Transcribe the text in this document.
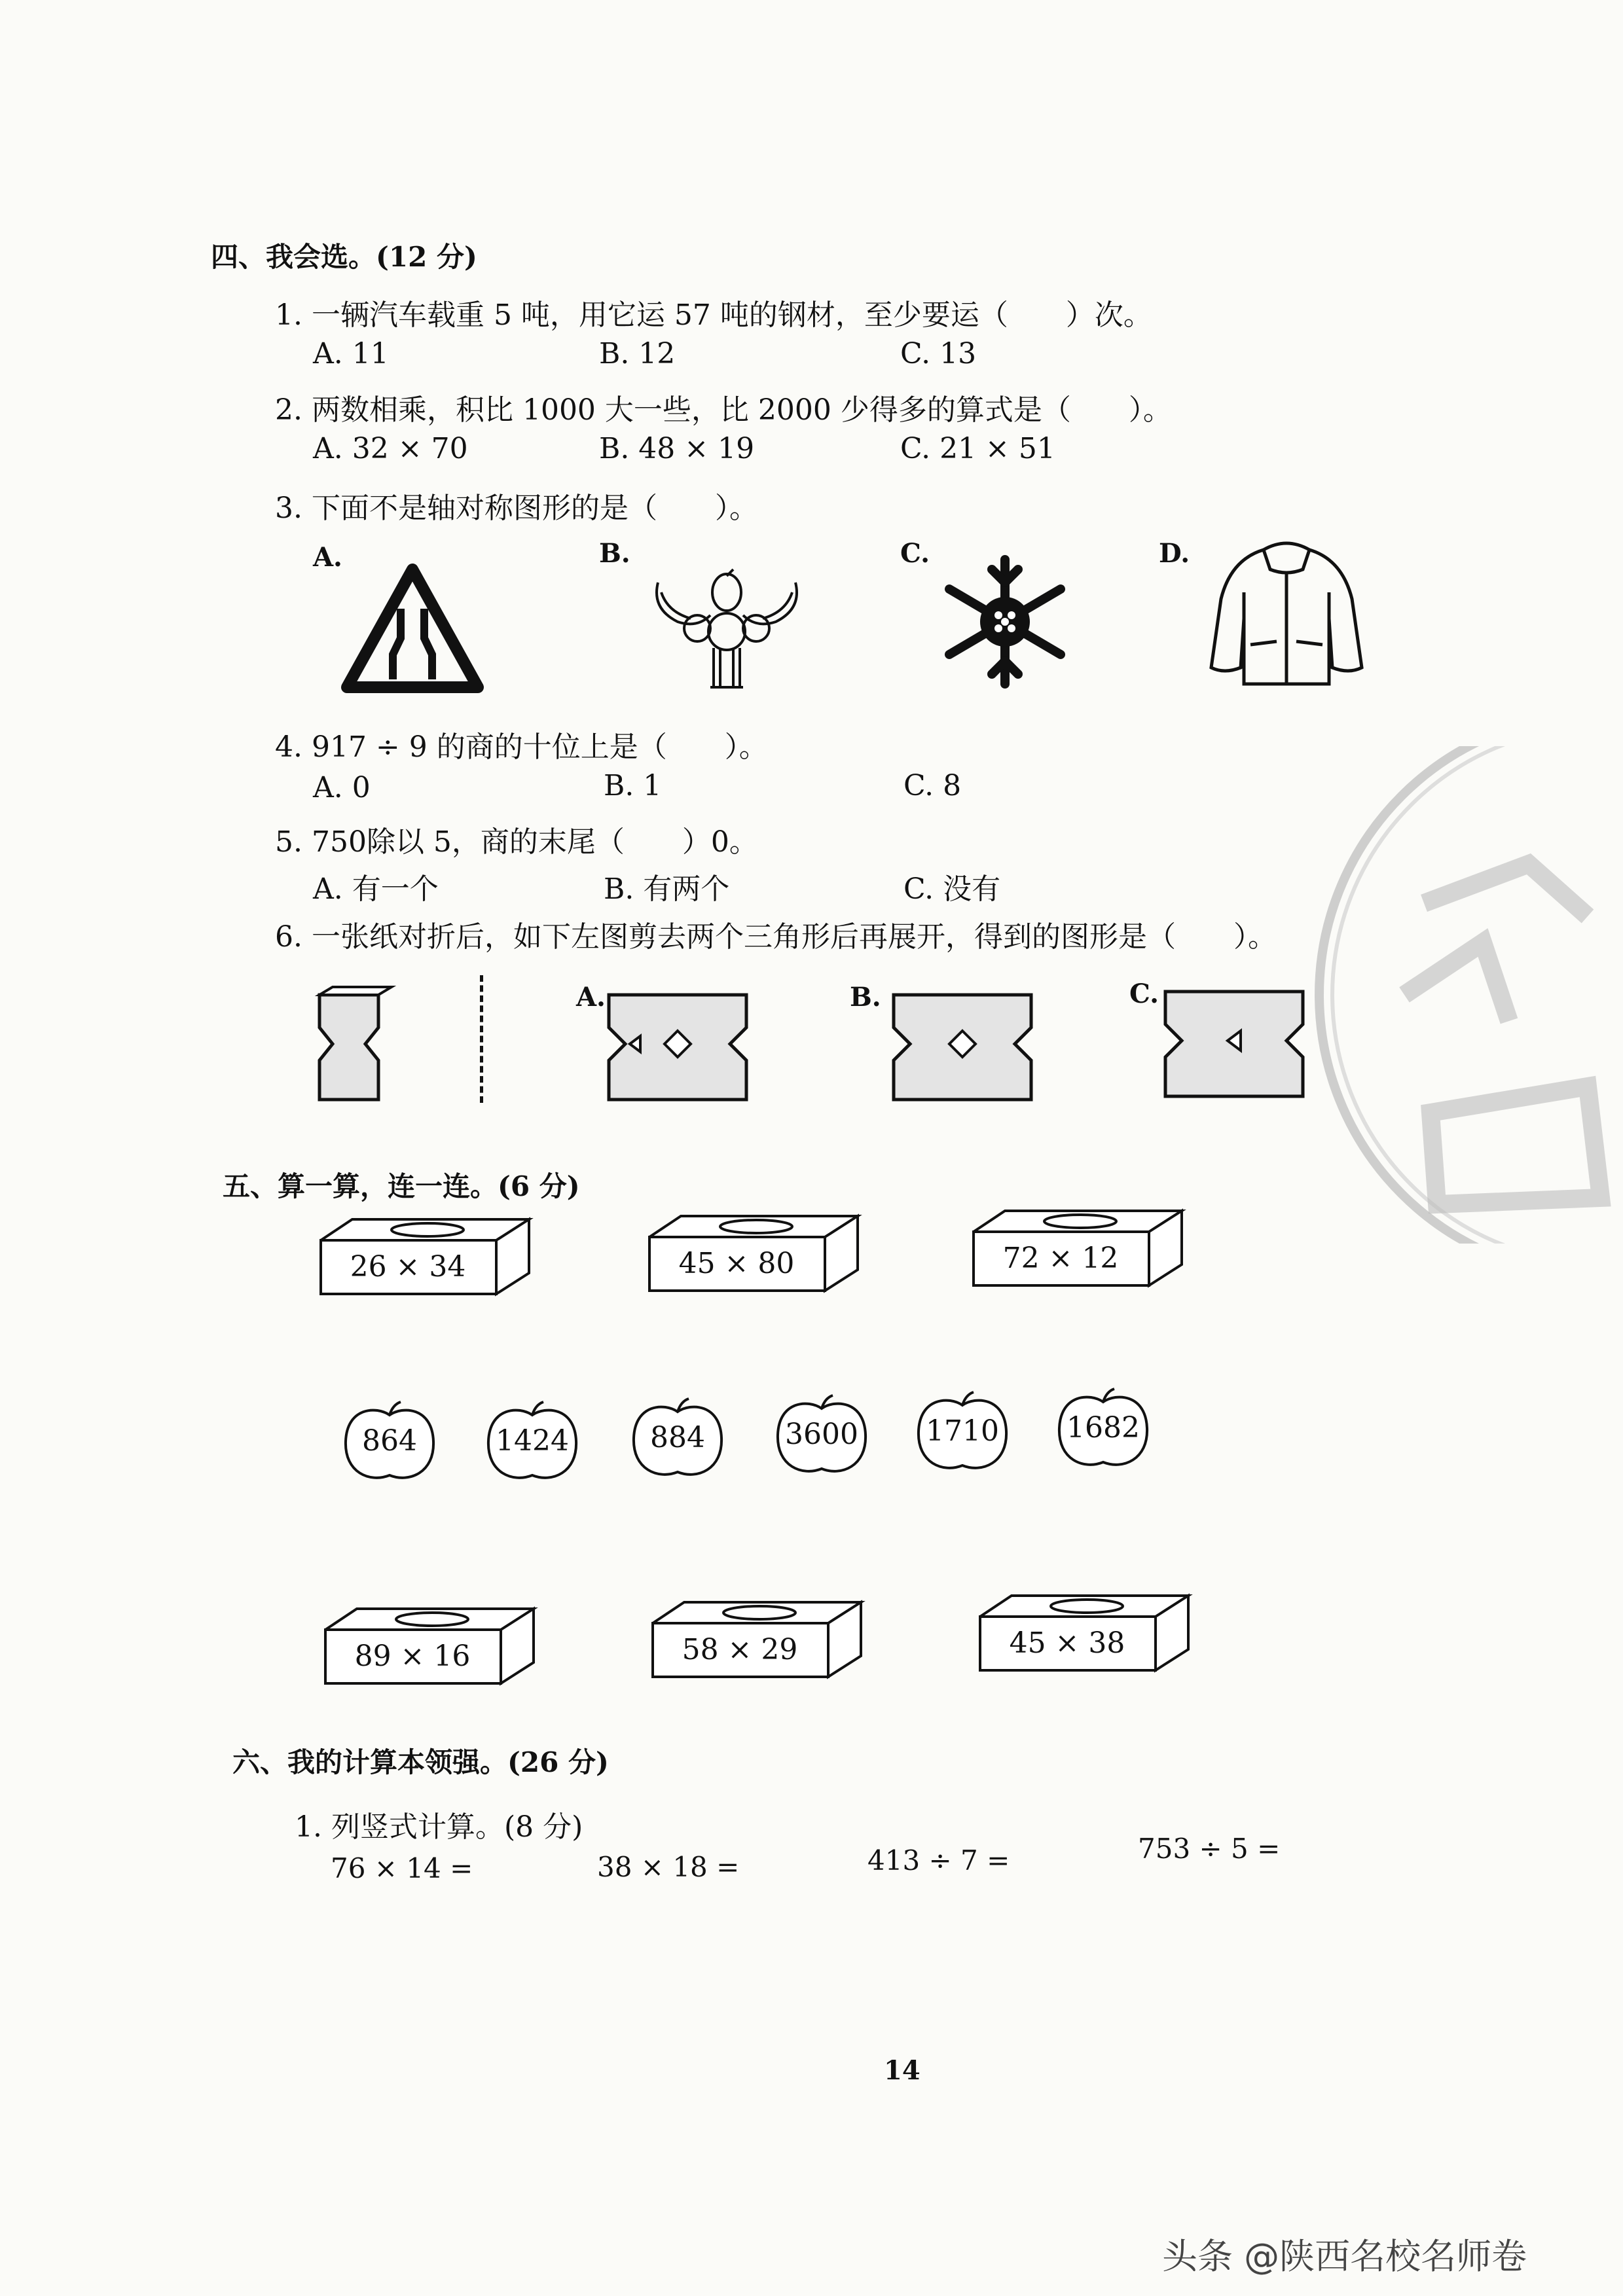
四、我会选。(12 分)
1. 一辆汽车载重 5 吨，用它运 57 吨的钢材，至少要运（　　）次。
A. 11	B. 12	C. 13
2. 两数相乘，积比 1000 大一些，比 2000 少得多的算式是（　　）。
A. 32 × 70	B. 48 × 19	C. 21 × 51
3. 下面不是轴对称图形的是（　　）。
A.	B.	C.	D.
4. 917 ÷ 9 的商的十位上是（　　）。
A. 0	B. 1	C. 8
5. 750除以 5，商的末尾（　　）0。
A. 有一个	B. 有两个	C. 没有
6. 一张纸对折后，如下左图剪去两个三角形后再展开，得到的图形是（　　）。
A.	B.	C.
五、算一算，连一连。(6 分)
26 × 34	45 × 80	72 × 12
864	1424	884	3600	1710	1682
89 × 16	58 × 29	45 × 38
六、我的计算本领强。(26 分)
1. 列竖式计算。(8 分)
76 × 14 =	38 × 18 =	413 ÷ 7 =	753 ÷ 5 =
14
头条 @陕西名校名师卷
